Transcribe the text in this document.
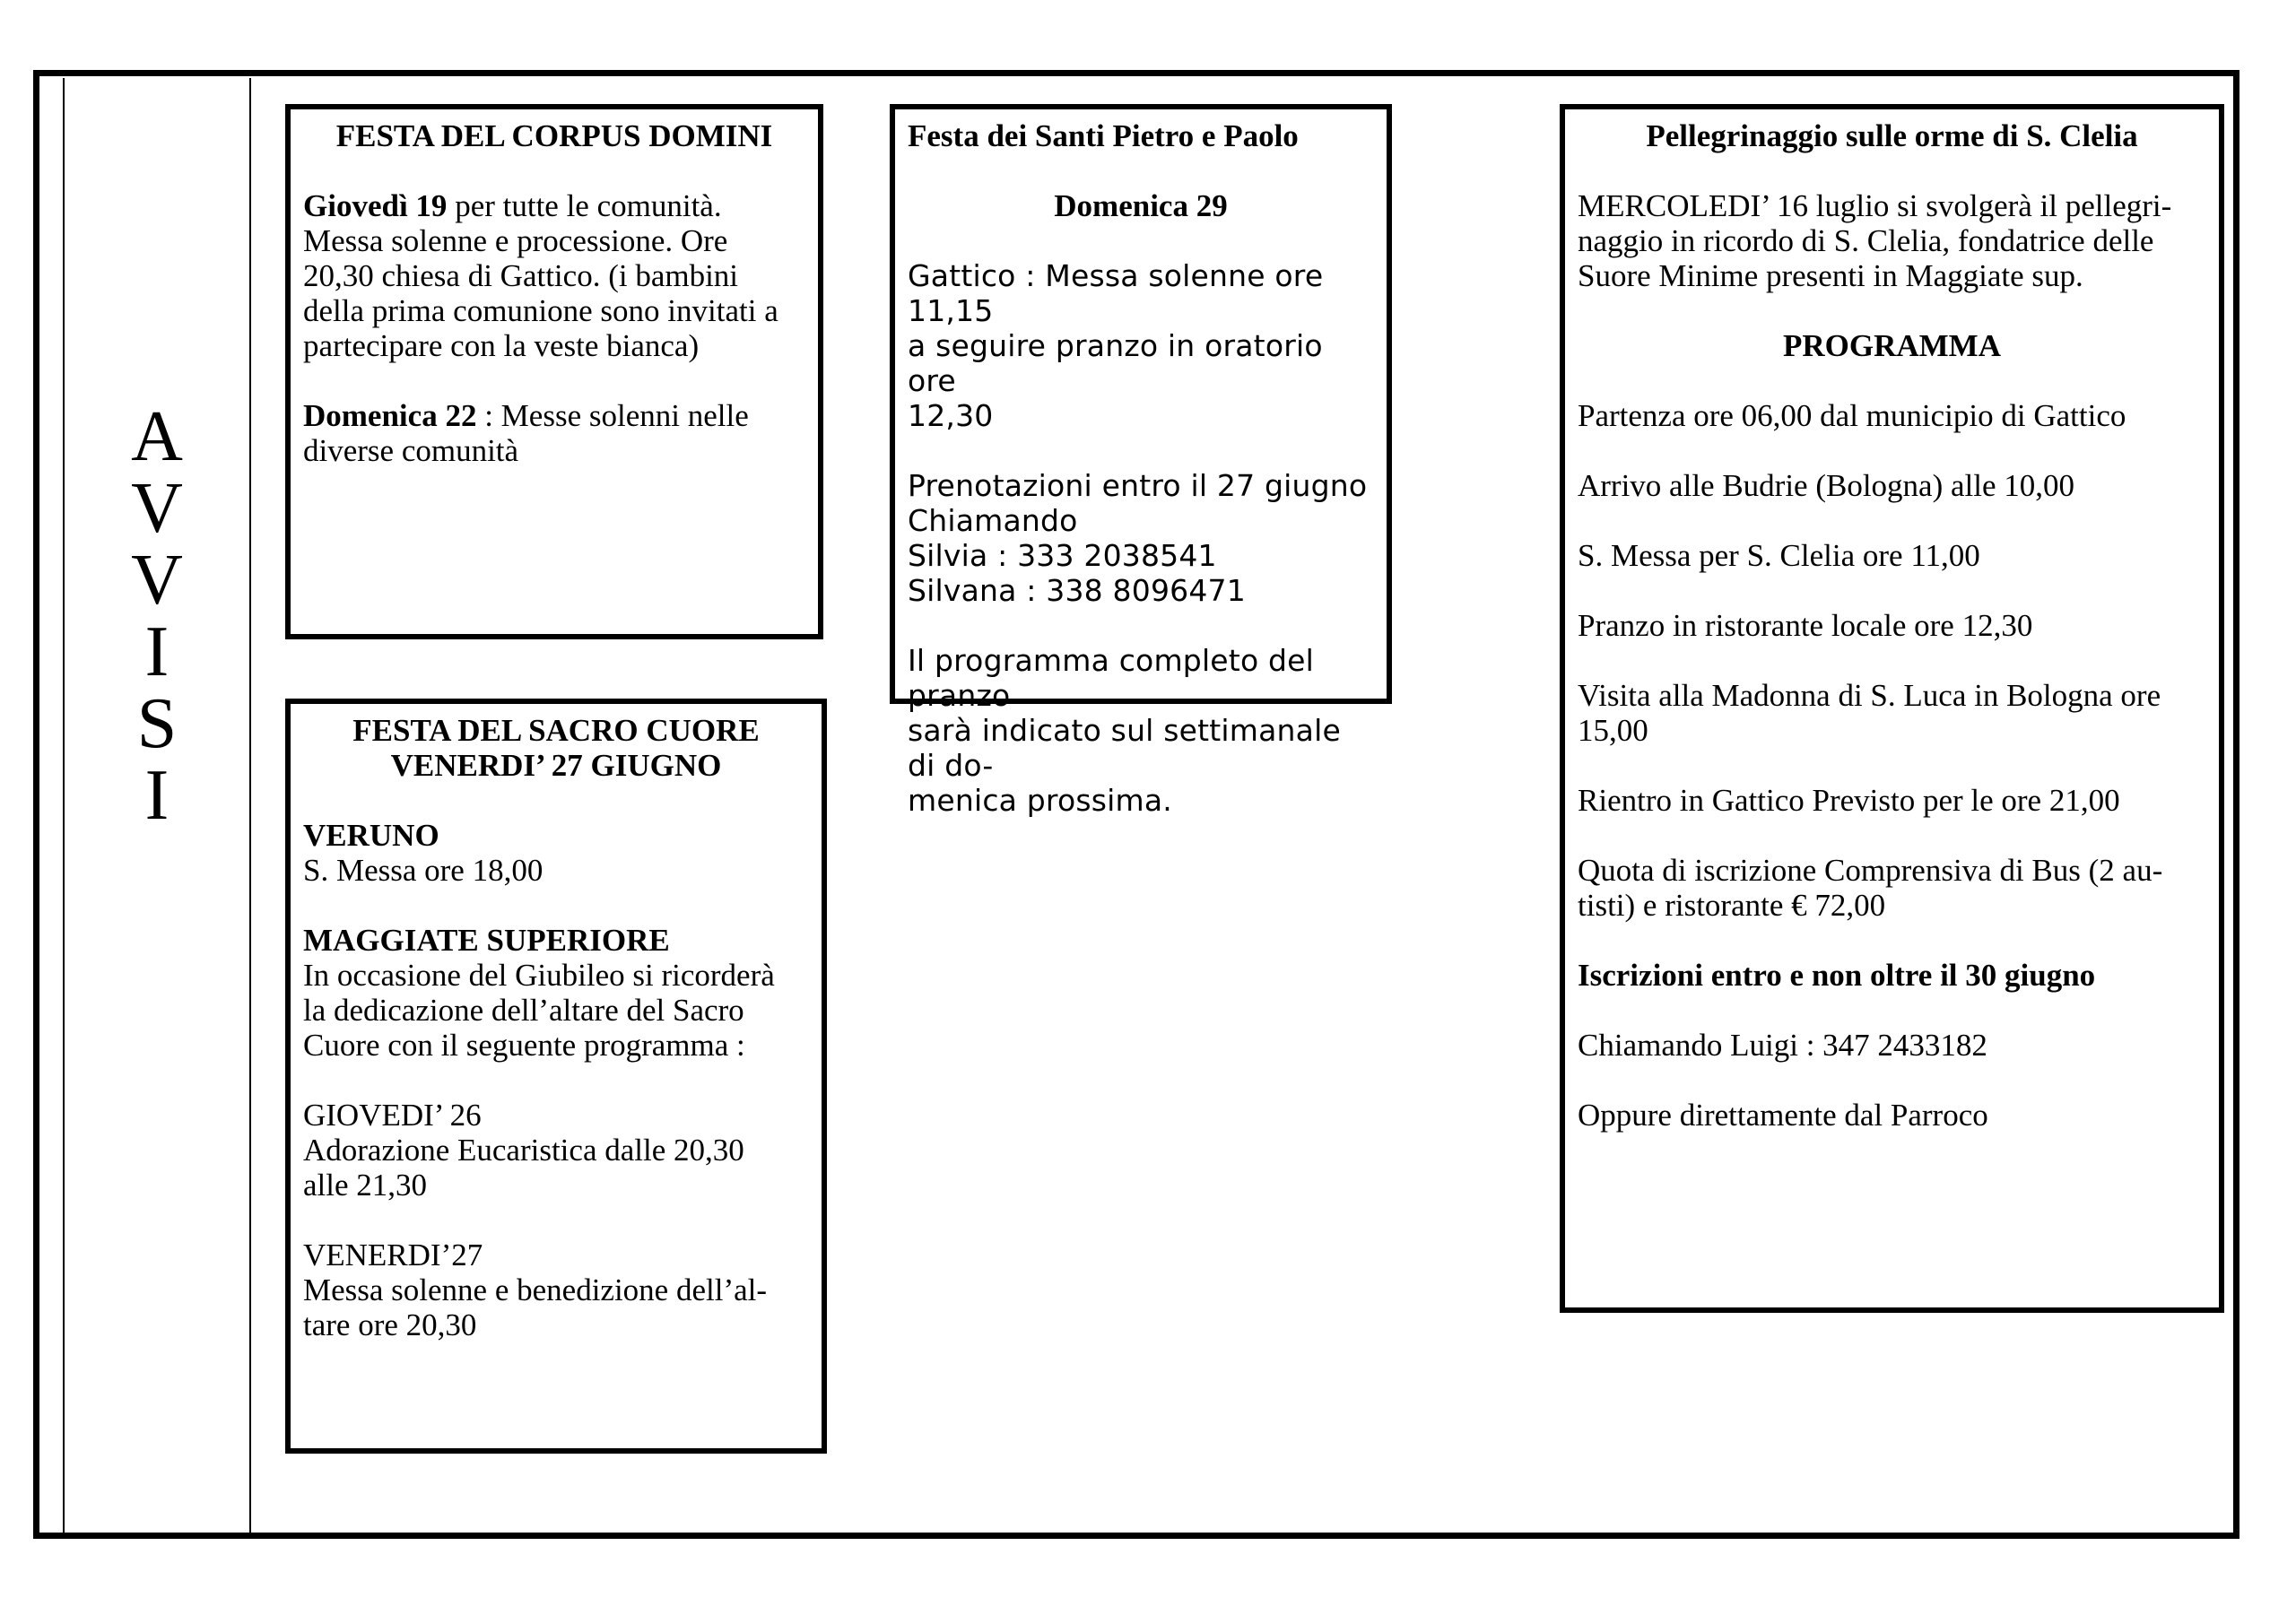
A
V
V
I
S
I

FESTA DEL CORPUS DOMINI

Giovedì 19 per tutte le comunità.

Messa solenne e processione. Ore

20,30 chiesa di Gattico. (i bambini

della prima comunione sono invitati a

partecipare con la veste bianca)

Domenica 22 : Messe solenni nelle

diverse comunità

FESTA DEL SACRO CUORE

VENERDI’ 27 GIUGNO

VERUNO

S. Messa ore 18,00

MAGGIATE SUPERIORE

In occasione del Giubileo si ricorderà

la dedicazione dell’altare del Sacro

Cuore con il seguente programma :

GIOVEDI’ 26

Adorazione Eucaristica dalle 20,30

alle 21,30

VENERDI’27

Messa solenne e benedizione dell’al-

tare ore 20,30

Festa dei Santi Pietro e Paolo

Domenica 29

Gattico : Messa solenne ore 11,15

a seguire pranzo in oratorio ore

12,30

Prenotazioni entro il 27 giugno

Chiamando

Silvia : 333 2038541

Silvana : 338 8096471

Il programma completo del pranzo

sarà indicato sul settimanale di do-

menica prossima.

Pellegrinaggio sulle orme di S. Clelia

MERCOLEDI’ 16 luglio si svolgerà il pellegri-

naggio in ricordo di S. Clelia, fondatrice delle

Suore Minime presenti in Maggiate sup.

PROGRAMMA

Partenza ore 06,00 dal municipio di Gattico

Arrivo alle Budrie (Bologna) alle 10,00

S. Messa per S. Clelia ore 11,00

Pranzo in ristorante locale ore 12,30

Visita alla Madonna di S. Luca in Bologna ore

15,00

Rientro in Gattico Previsto per le ore 21,00

Quota di iscrizione Comprensiva di Bus (2 au-

tisti) e ristorante € 72,00

Iscrizioni entro e non oltre il 30 giugno

Chiamando Luigi : 347 2433182

Oppure direttamente dal Parroco
